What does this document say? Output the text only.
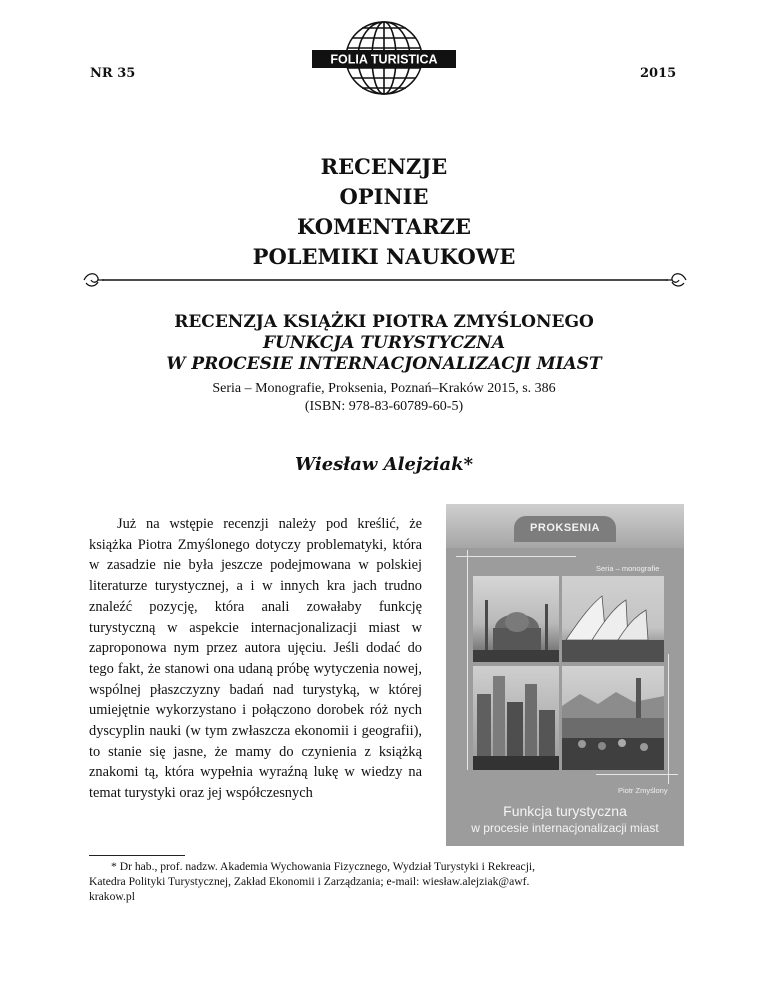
NR 35	2015
FOLIA TURISTICA
RECENZJE
OPINIE
KOMENTARZE
POLEMIKI NAUKOWE
RECENZJA KSIĄŻKI PIOTRA ZMYŚLONEGO
FUNKCJA TURYSTYCZNA
W PROCESIE INTERNACJONALIZACJI MIAST
Seria – Monografie, Proksenia, Poznań–Kraków 2015, s. 386
(ISBN: 978-83-60789-60-5)
Wiesław Alejziak*

Już na wstępie recenzji należy pod kreślić, że książka Piotra Zmyślonego dotyczy problematyki, która w zasadzie nie była jeszcze podejmowana w polskiej literaturze turystycznej, a i w innych kra jach trudno znaleźć pozycję, która anali zowałaby funkcję turystyczną w aspekcie internacjonalizacji miast w zaproponowa nym przez autora ujęciu. Jeśli dodać do tego fakt, że stanowi ona udaną próbę wytyczenia nowej, wspólnej płaszczyzny badań nad turystyką, w której umiejętnie wykorzystano i połączono dorobek róż nych dyscyplin nauki (w tym zwłaszcza ekonomii i geografii), to stanie się jasne, że mamy do czynienia z książką znakomi tą, która wypełnia wyraźną lukę w wiedzy na temat turystyki oraz jej współczesnych

PROKSENIA
Seria – monografie
Piotr Zmyślony
Funkcja turystyczna
w procesie internacjonalizacji miast
* Dr hab., prof. nadzw. Akademia Wychowania Fizycznego, Wydział Turystyki i Rekreacji,
Katedra Polityki Turystycznej, Zakład Ekonomii i Zarządzania; e-mail: wiesław.alejziak@awf.
krakow.pl
